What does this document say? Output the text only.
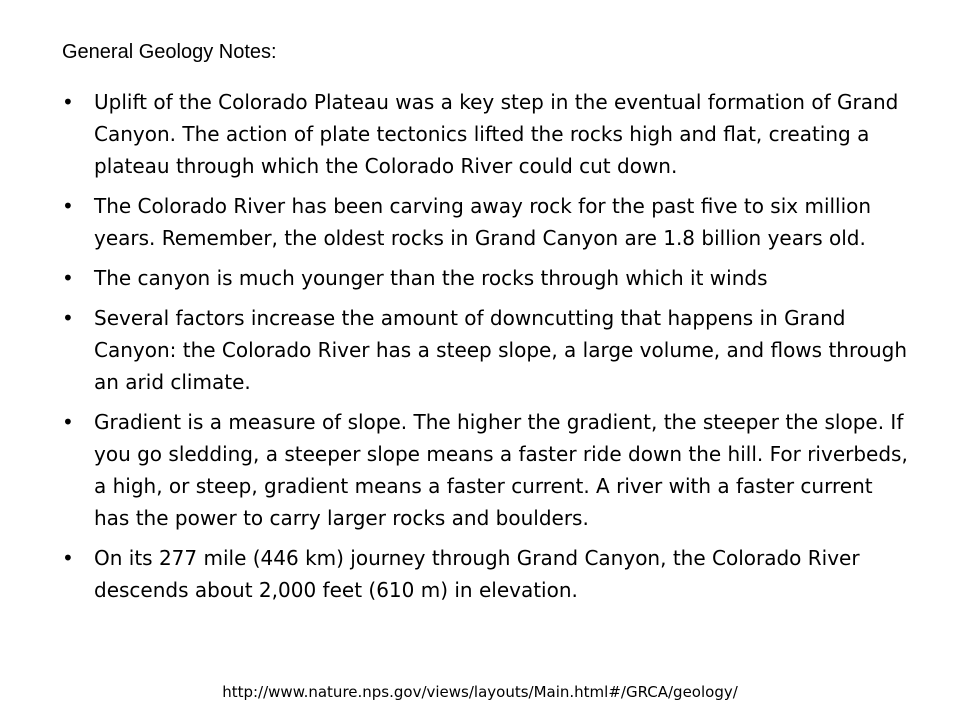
General Geology Notes:
• Uplift of the Colorado Plateau was a key step in the eventual formation of Grand Canyon. The action of plate tectonics lifted the rocks high and flat, creating a plateau through which the Colorado River could cut down.
• The Colorado River has been carving away rock for the past five to six million years. Remember, the oldest rocks in Grand Canyon are 1.8 billion years old.
• The canyon is much younger than the rocks through which it winds
• Several factors increase the amount of downcutting that happens in Grand Canyon: the Colorado River has a steep slope, a large volume, and flows through an arid climate.
• Gradient is a measure of slope. The higher the gradient, the steeper the slope. If you go sledding, a steeper slope means a faster ride down the hill. For riverbeds, a high, or steep, gradient means a faster current. A river with a faster current has the power to carry larger rocks and boulders.
• On its 277 mile (446 km) journey through Grand Canyon, the Colorado River descends about 2,000 feet (610 m) in elevation.
http://www.nature.nps.gov/views/layouts/Main.html#/GRCA/geology/
